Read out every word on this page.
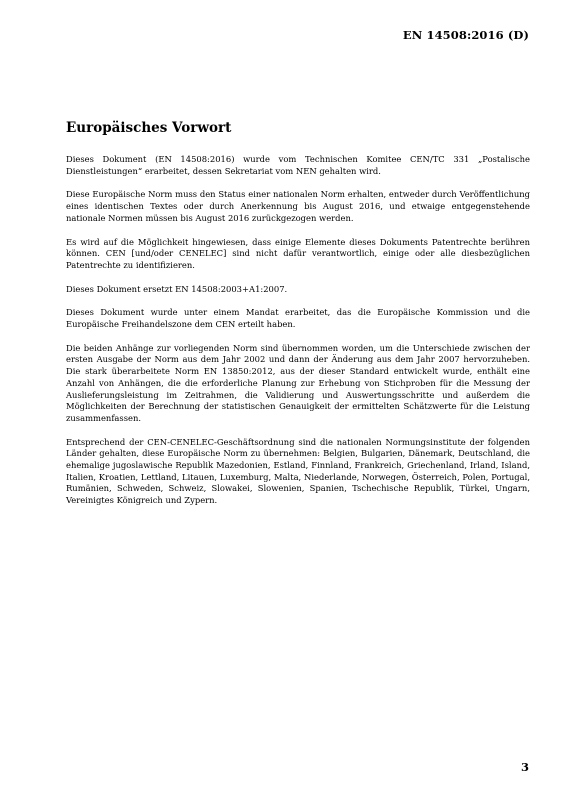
EN 14508:2016 (D)
Europäisches Vorwort

Dieses Dokument (EN 14508:2016) wurde vom Technischen Komitee CEN/TC 331 „Postalische Dienstleistungen“ erarbeitet, dessen Sekretariat vom NEN gehalten wird.

Diese Europäische Norm muss den Status einer nationalen Norm erhalten, entweder durch Veröffentlichung eines identischen Textes oder durch Anerkennung bis August 2016, und etwaige entgegenstehende nationale Normen müssen bis August 2016 zurückgezogen werden.

Es wird auf die Möglichkeit hingewiesen, dass einige Elemente dieses Dokuments Patentrechte berühren können. CEN [und/oder CENELEC] sind nicht dafür verantwortlich, einige oder alle diesbezüglichen Patentrechte zu identifizieren.

Dieses Dokument ersetzt EN 14508:2003+A1:2007.

Dieses Dokument wurde unter einem Mandat erarbeitet, das die Europäische Kommission und die Europäische Freihandelszone dem CEN erteilt haben.

Die beiden Anhänge zur vorliegenden Norm sind übernommen worden, um die Unterschiede zwischen der ersten Ausgabe der Norm aus dem Jahr 2002 und dann der Änderung aus dem Jahr 2007 hervorzuheben. Die stark überarbeitete Norm EN 13850:2012, aus der dieser Standard entwickelt wurde, enthält eine Anzahl von Anhängen, die die erforderliche Planung zur Erhebung von Stichproben für die Messung der Auslieferungsleistung im Zeitrahmen, die Validierung und Auswertungsschritte und außerdem die Möglichkeiten der Berechnung der statistischen Genauigkeit der ermittelten Schätzwerte für die Leistung zusammenfassen.

Entsprechend der CEN-CENELEC-Geschäftsordnung sind die nationalen Normungsinstitute der folgenden Länder gehalten, diese Europäische Norm zu übernehmen: Belgien, Bulgarien, Dänemark, Deutschland, die ehemalige jugoslawische Republik Mazedonien, Estland, Finnland, Frankreich, Griechenland, Irland, Island, Italien, Kroatien, Lettland, Litauen, Luxemburg, Malta, Niederlande, Norwegen, Österreich, Polen, Portugal, Rumänien, Schweden, Schweiz, Slowakei, Slowenien, Spanien, Tschechische Republik, Türkei, Ungarn, Vereinigtes Königreich und Zypern.

3
